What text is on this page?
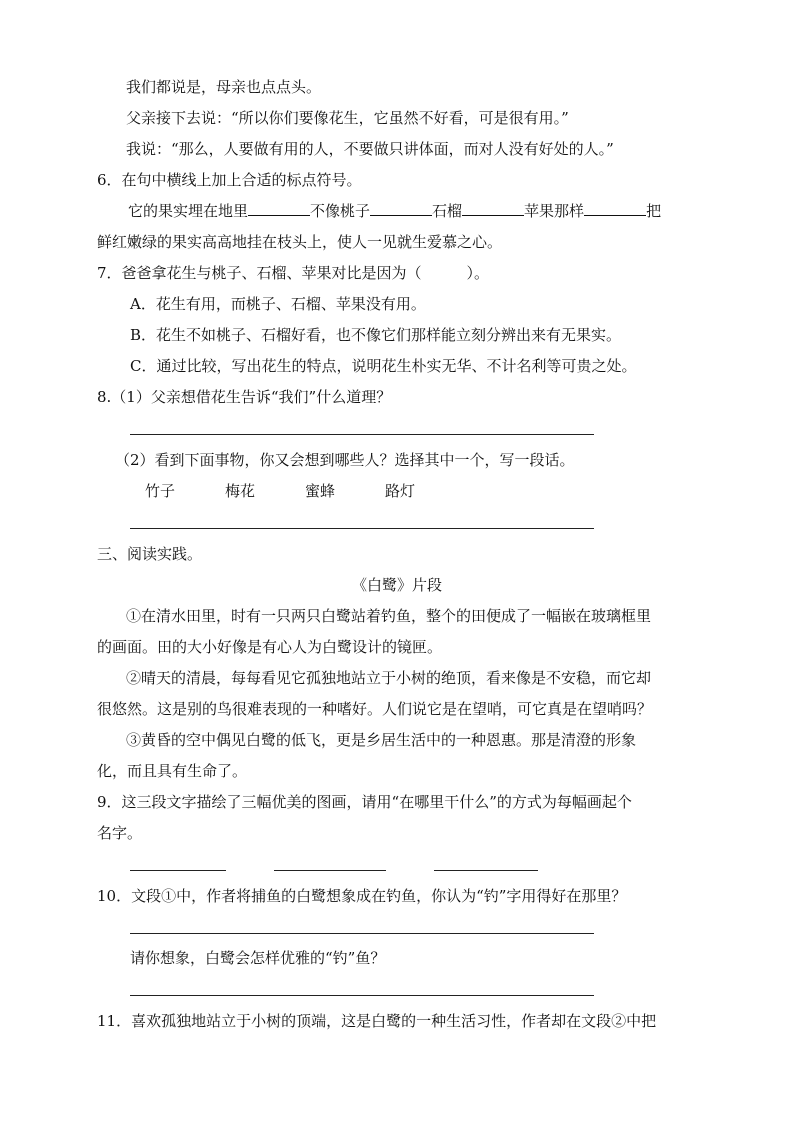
我们都说是，母亲也点点头。
父亲接下去说：“所以你们要像花生，它虽然不好看，可是很有用。”
我说：“那么，人要做有用的人，不要做只讲体面，而对人没有好处的人。”
6．在句中横线上加上合适的标点符号。
它的果实埋在地里	不像桃子	石榴	苹果那样	把
鲜红嫩绿的果实高高地挂在枝头上，使人一见就生爱慕之心。
7．爸爸拿花生与桃子、石榴、苹果对比是因为（　　　）。
A．花生有用，而桃子、石榴、苹果没有用。
B．花生不如桃子、石榴好看，也不像它们那样能立刻分辨出来有无果实。
C．通过比较，写出花生的特点，说明花生朴实无华、不计名利等可贵之处。
8.（1）父亲想借花生告诉“我们”什么道理？
（2）看到下面事物，你又会想到哪些人？选择其中一个，写一段话。
竹子	梅花	蜜蜂	路灯
三、阅读实践。
《白鹭》片段
①在清水田里，时有一只两只白鹭站着钓鱼，整个的田便成了一幅嵌在玻璃框里
的画面。田的大小好像是有心人为白鹭设计的镜匣。
②晴天的清晨，每每看见它孤独地站立于小树的绝顶，看来像是不安稳，而它却
很悠然。这是别的鸟很难表现的一种嗜好。人们说它是在望哨，可它真是在望哨吗？
③黄昏的空中偶见白鹭的低飞，更是乡居生活中的一种恩惠。那是清澄的形象
化，而且具有生命了。
9．这三段文字描绘了三幅优美的图画，请用“在哪里干什么”的方式为每幅画起个
名字。
10．文段①中，作者将捕鱼的白鹭想象成在钓鱼，你认为“钓”字用得好在那里？
请你想象，白鹭会怎样优雅的“钓”鱼？
11．喜欢孤独地站立于小树的顶端，这是白鹭的一种生活习性，作者却在文段②中把
